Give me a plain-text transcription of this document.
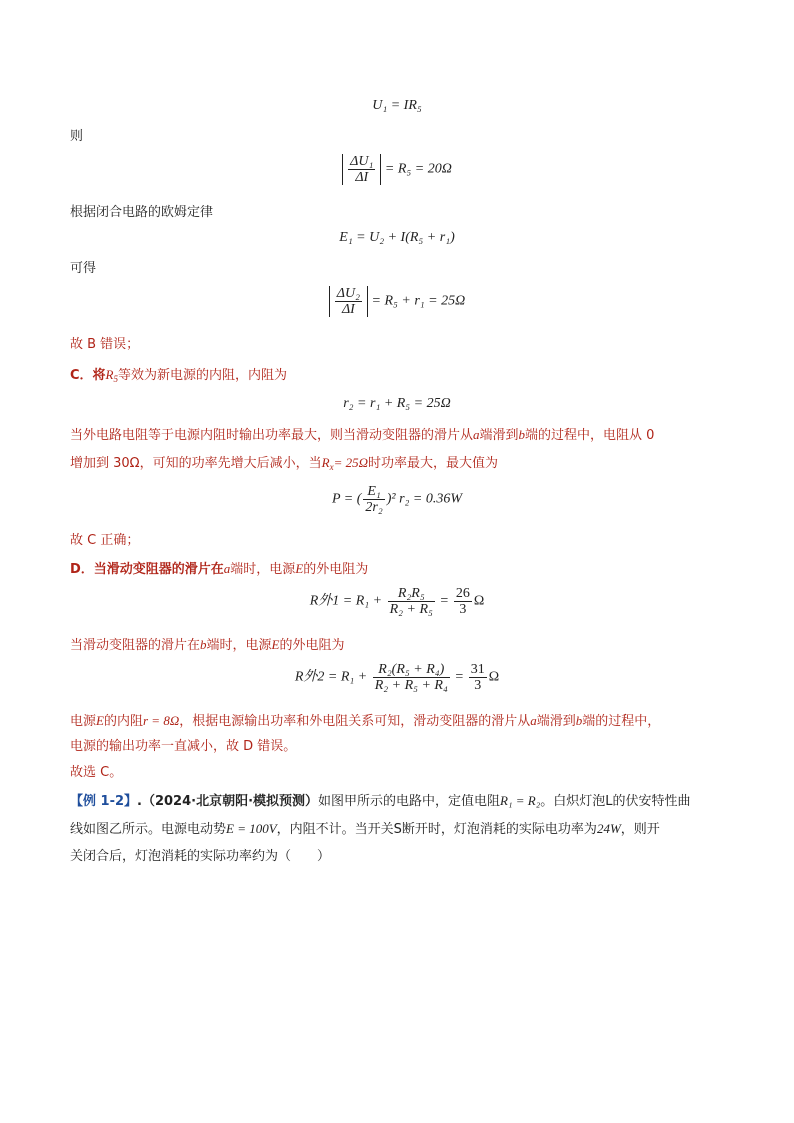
U₁ = IR₅
则
$\frac{\text{ΔU₁}}{\Delta I} = R_5 = 20\Omega$
根据闭合电路的欧姆定律
E₁ = U₂ + I(R₅ + r₁)
可得
$\frac{\text{ΔU₂}}{\Delta I} = R_5 + r_1 = 25\Omega$
故 B 错误；
C．将$R_5$等效为新电源的内阻，内阻为
r₂ = r₁ + R₅ = 25Ω
当外电路电阻等于电源内阻时输出功率最大，则当滑动变阻器的滑片从a端滑到b端的过程中，电阻从 0
增加到 30Ω，可知的功率先增大后减小，当$R_x= 25\Omega$时功率最大，最大值为
P = ( $\frac{\text{E₁}}{\text{2r₂}} )^2$ r₂ = 0.36W
故 C 正确；
D．当滑动变阻器的滑片在a端时，电源E的外电阻为
R外$1 = R_1 + \frac{\text{R₂R₅}}{\text{R₂ + R₅}} = \frac{26}{3}$ Ω
当滑动变阻器的滑片在b端时，电源E的外电阻为
R外$2 = R_1 + \frac{\text{R₂(R₅ + R₄)}}{\text{R₂ + R₅ + R₄}} = \frac{31}{3}$ Ω
电源E的内阻r = 8Ω，根据电源输出功率和外电阻关系可知，滑动变阻器的滑片从a端滑到b端的过程中，
电源的输出功率一直减小，故 D 错误。
故选 C。
【例 1-2】.（2024·北京朝阳·模拟预测）如图甲所示的电路中，定值电阻R₁ = R₂。白炽灯泡L的伏安特性曲
线如图乙所示。电源电动势E = 100V，内阻不计。当开关S断开时，灯泡消耗的实际电功率为24W，则开
关闭合后，灯泡消耗的实际功率约为（　　）
